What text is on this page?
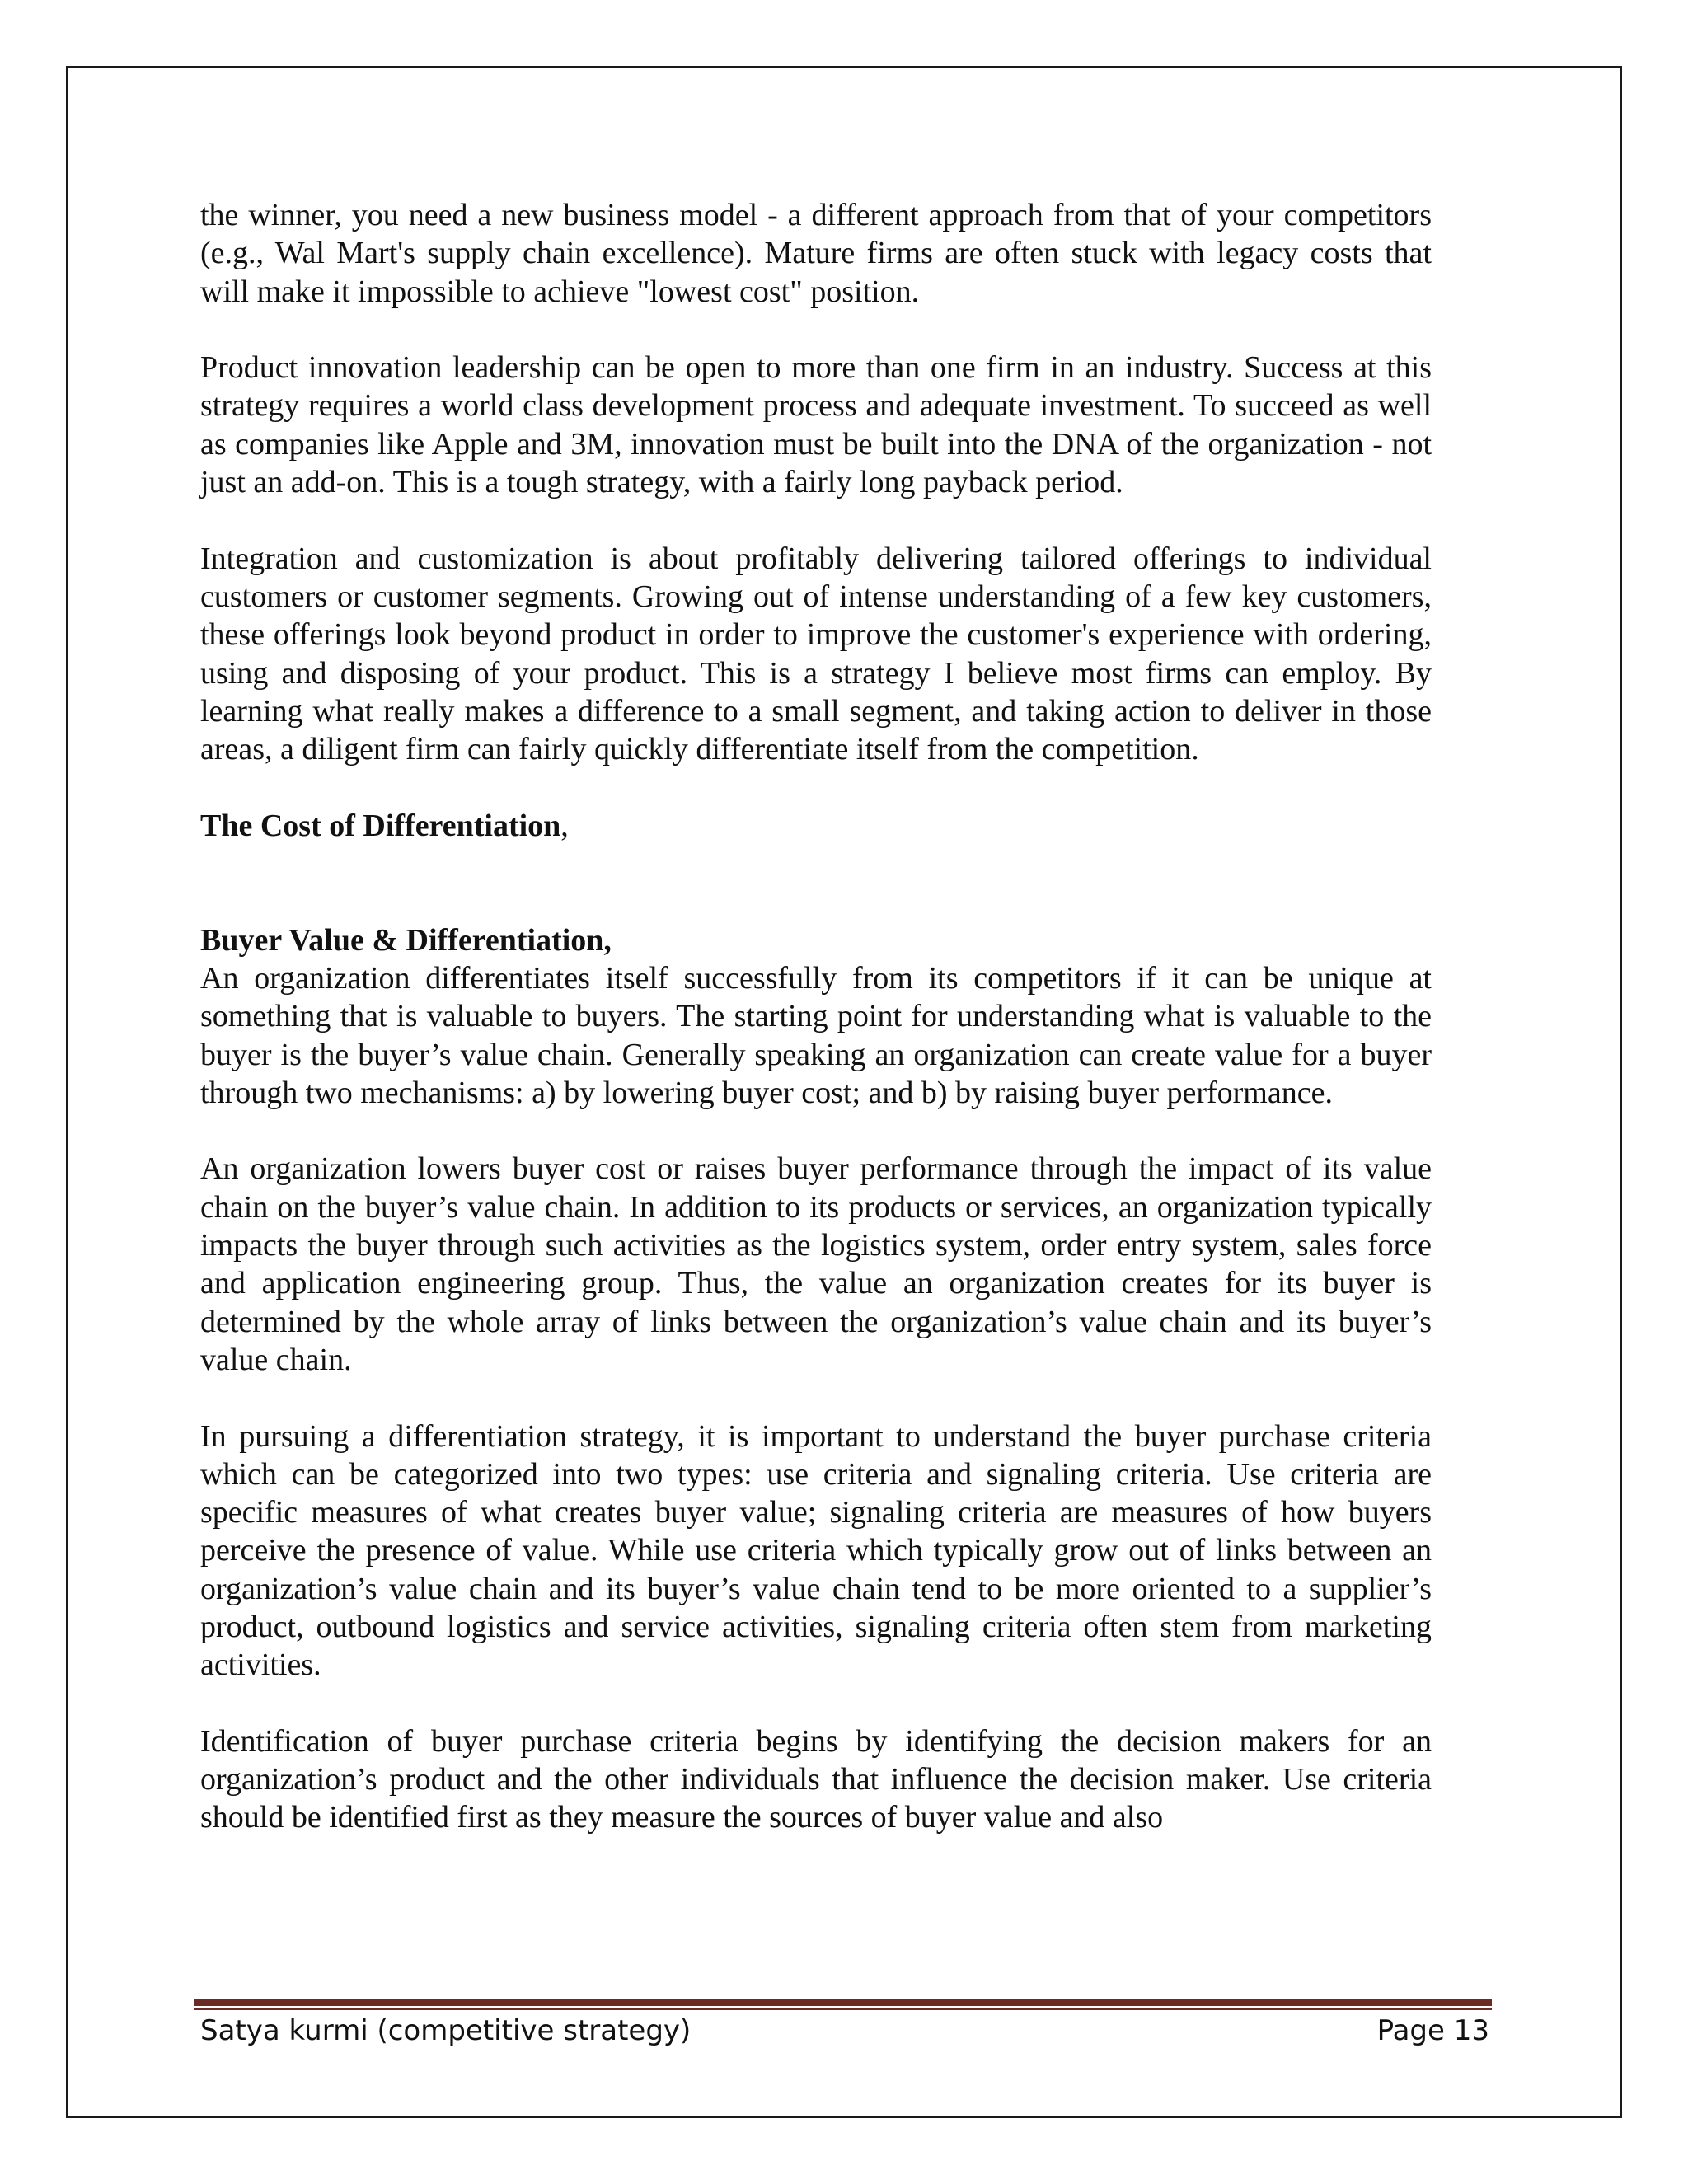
the winner, you need a new business model - a different approach from that of your competitors (e.g., Wal Mart's supply chain excellence). Mature firms are often stuck with legacy costs that will make it impossible to achieve "lowest cost" position.

Product innovation leadership can be open to more than one firm in an industry. Success at this strategy requires a world class development process and adequate investment. To succeed as well as companies like Apple and 3M, innovation must be built into the DNA of the organization - not just an add-on. This is a tough strategy, with a fairly long payback period.

Integration and customization is about profitably delivering tailored offerings to individual customers or customer segments. Growing out of intense understanding of a few key customers, these offerings look beyond product in order to improve the customer's experience with ordering, using and disposing of your product. This is a strategy I believe most firms can employ. By learning what really makes a difference to a small segment, and taking action to deliver in those areas, a diligent firm can fairly quickly differentiate itself from the competition.

The Cost of Differentiation,

Buyer Value & Differentiation,

An organization differentiates itself successfully from its competitors if it can be unique at something that is valuable to buyers. The starting point for understanding what is valuable to the buyer is the buyer’s value chain. Generally speaking an organization can create value for a buyer through two mechanisms: a) by lowering buyer cost; and b) by raising buyer performance.

An organization lowers buyer cost or raises buyer performance through the impact of its value chain on the buyer’s value chain. In addition to its products or services, an organization typically impacts the buyer through such activities as the logistics system, order entry system, sales force and application engineering group. Thus, the value an organization creates for its buyer is determined by the whole array of links between the organization’s value chain and its buyer’s value chain.

In pursuing a differentiation strategy, it is important to understand the buyer purchase criteria which can be categorized into two types: use criteria and signaling criteria. Use criteria are specific measures of what creates buyer value; signaling criteria are measures of how buyers perceive the presence of value. While use criteria which typically grow out of links between an organization’s value chain and its buyer’s value chain tend to be more oriented to a supplier’s product, outbound logistics and service activities, signaling criteria often stem from marketing activities.

Identification of buyer purchase criteria begins by identifying the decision makers for an organization’s product and the other individuals that influence the decision maker. Use criteria should be identified first as they measure the sources of buyer value and also

Satya kurmi (competitive strategy)	Page 13
